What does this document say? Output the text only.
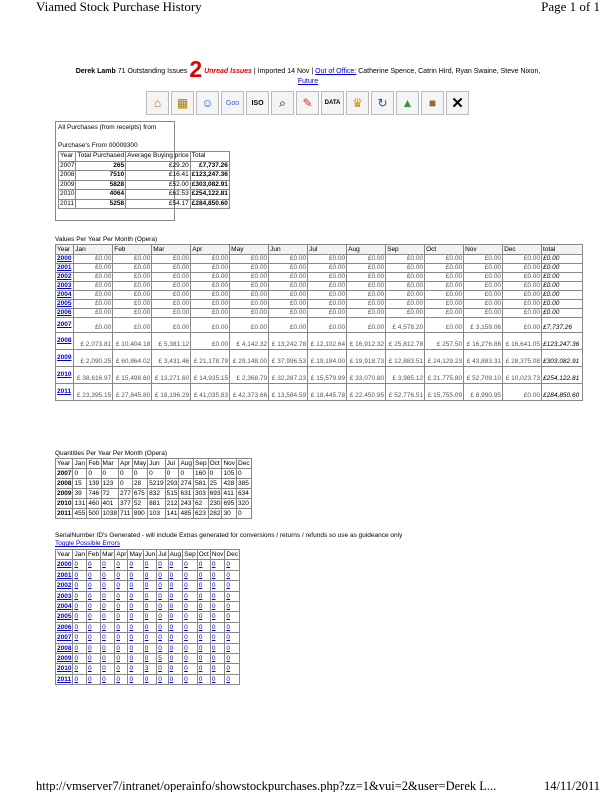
Viamed Stock Purchase History	Page 1 of 1
Derek Lamb 71 Outstanding Issues 2 Unread Issues | Imported 14 Nov | Out of Office: Catherine Spence, Catrin Hird, Ryan Swaine, Steve Nixon,
Future
⌂	▦	☺	Goo	ISO	⌕	✎	DATA ♛	↻	▲	■	✕
All Purchases (from receipts) from
Purchase's From 00009300
Year	Total Purchased	Average Buying price	Total
2007	265	£29.20	£7,737.26
2008	7510	£16.41	£123,247.36
2009	5828	£52.00	£303,082.91
2010	4064	£62.53	£254,122.81
2011	5258	£54.17	£284,850.60
Values Per Year Per Month (Opera)
Year	Jan	Feb	Mar	Apr	May	Jun	Jul	Aug	Sep	Oct	Nov	Dec	total
2000	£0.00	£0.00	£0.00	£0.00	£0.00	£0.00	£0.00	£0.00	£0.00	£0.00	£0.00	£0.00	£0.00
2001	£0.00	£0.00	£0.00	£0.00	£0.00	£0.00	£0.00	£0.00	£0.00	£0.00	£0.00	£0.00	£0.00
2002	£0.00	£0.00	£0.00	£0.00	£0.00	£0.00	£0.00	£0.00	£0.00	£0.00	£0.00	£0.00	£0.00
2003	£0.00	£0.00	£0.00	£0.00	£0.00	£0.00	£0.00	£0.00	£0.00	£0.00	£0.00	£0.00	£0.00
2004	£0.00	£0.00	£0.00	£0.00	£0.00	£0.00	£0.00	£0.00	£0.00	£0.00	£0.00	£0.00	£0.00
2005	£0.00	£0.00	£0.00	£0.00	£0.00	£0.00	£0.00	£0.00	£0.00	£0.00	£0.00	£0.00	£0.00
2006	£0.00	£0.00	£0.00	£0.00	£0.00	£0.00	£0.00	£0.00	£0.00	£0.00	£0.00	£0.00	£0.00
2007	£0.00	£0.00	£0.00	£0.00	£0.00	£0.00	£0.00	£0.00	£ 4,578.20	£0.00	£ 3,159.06	£0.00	£7,737.26
2008	£ 2,073.81	£ 10,404.18	£ 5,381.12	£0.00	£ 4,142.32	£ 13,242.78	£ 12,102.64	£ 16,912.32	£ 25,812.78	£ 257.50	£ 16,276.86	£ 16,641.05	£123,247.36
2009	£ 2,090.25	£ 60,864.02	£ 3,431.46	£ 21,178.79	£ 29,148.00	£ 37,996.53	£ 19,184.00	£ 19,918.73	£ 12,883.51	£ 24,129.23	£ 43,883.31	£ 28,375.08	£303,082.91
2010	£ 38,616.97	£ 15,498.60	£ 13,271.60	£ 14,935.15	£ 2,368.79	£ 32,287.23	£ 15,579.99	£ 33,070.80	£ 3,985.12	£ 21,775.80	£ 52,709.10	£ 10,023.73	£254,122.81
2011	£ 23,395.15	£ 27,845.80	£ 18,196.29	£ 41,035.83	£ 42,373.66	£ 13,584.59	£ 18,445.78	£ 22,450.95	£ 52,776.51	£ 15,755.09	£ 8,990.95	£0.00	£284,850.60
Quantities Per Year Per Month (Opera)
Year	Jan	Feb	Mar	Apr	May	Jun	Jul	Aug	Sep	Oct	Nov	Dec
2007	0	0	0	0	0	0	0	0	160	0	105	0
2008	15	139	123	0	28	5219	293	274	581	25	428	385
2009	39	746	72	277	675	832	515	631	303	693	411	634
2010	131	460	401	377	52	881	212	243	62	230	695	320
2011	455	500	1038	711	890	103	141	485	623	282	30	0
SerialNumber ID's Generated - will include Extras generated for conversions / returns / refunds so use as guideance only
Toggle Possible Errors
Year	Jan	Feb	Mar	Apr	May	Jun	Jul	Aug	Sep	Oct	Nov	Dec
2000	0	0	0	0	0	0	0	0	0	0	0	0
2001	0	0	0	0	0	0	0	0	0	0	0	0
2002	0	0	0	0	0	0	0	0	0	0	0	0
2003	0	0	0	0	0	0	0	0	0	0	0	0
2004	0	0	0	0	0	0	0	0	0	0	0	0
2005	0	0	0	0	0	0	0	0	0	0	0	0
2006	0	0	0	0	0	0	0	0	0	0	0	0
2007	0	0	0	0	0	0	0	0	0	0	0	0
2008	0	0	0	0	0	0	0	0	0	0	0	0
2009	0	0	0	0	0	0	5	0	0	0	0	0
2010	0	0	0	0	0	3	0	0	0	0	0	0
2011	0	0	0	0	0	0	0	0	0	0	0	0
http://vmserver7/intranet/operainfo/showstockpurchases.php?zz=1&vui=2&user=Derek L...	14/11/2011
